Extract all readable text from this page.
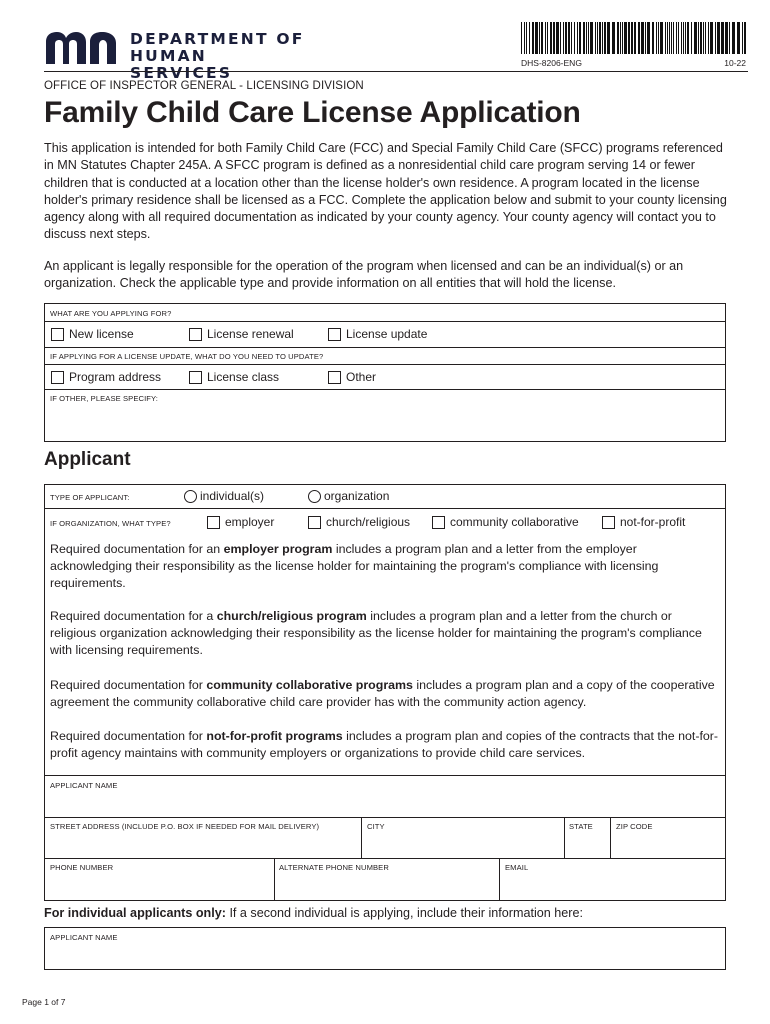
DEPARTMENT OF
HUMAN SERVICES
DHS-8206-ENG	10-22
OFFICE OF INSPECTOR GENERAL - LICENSING DIVISION
Family Child Care License Application
This application is intended for both Family Child Care (FCC) and Special Family Child Care (SFCC) programs referenced in MN Statutes Chapter 245A. A SFCC program is defined as a nonresidential child care program serving 14 or fewer children that is conducted at a location other than the license holder's own residence. A program located in the license holder's primary residence shall be licensed as a FCC. Complete the application below and submit to your county licensing agency along with all required documentation as indicated by your county agency. Your county agency will contact you to discuss next steps.
An applicant is legally responsible for the operation of the program when licensed and can be an individual(s) or an organization. Check the applicable type and provide information on all entities that will hold the license.
WHAT ARE YOU APPLYING FOR?
New license	License renewal	License update
IF APPLYING FOR A LICENSE UPDATE, WHAT DO YOU NEED TO UPDATE?
Program address	License class	Other
IF OTHER, PLEASE SPECIFY:
Applicant
TYPE OF APPLICANT:	individual(s)	organization
IF ORGANIZATION, WHAT TYPE?	employer	church/religious	community collaborative	not-for-profit
Required documentation for an employer program includes a program plan and a letter from the employer acknowledging their responsibility as the license holder for maintaining the program's compliance with licensing requirements.
Required documentation for a church/religious program includes a program plan and a letter from the church or religious organization acknowledging their responsibility as the license holder for maintaining the program's compliance with licensing requirements.
Required documentation for community collaborative programs includes a program plan and a copy of the cooperative agreement the community collaborative child care provider has with the community action agency.
Required documentation for not-for-profit programs includes a program plan and copies of the contracts that the not-for-profit agency maintains with community employers or organizations to provide child care services.
APPLICANT NAME
STREET ADDRESS (INCLUDE P.O. BOX IF NEEDED FOR MAIL DELIVERY)	CITY	STATE	ZIP CODE
PHONE NUMBER	ALTERNATE PHONE NUMBER	EMAIL
For individual applicants only: If a second individual is applying, include their information here:
APPLICANT NAME
Page 1 of 7
